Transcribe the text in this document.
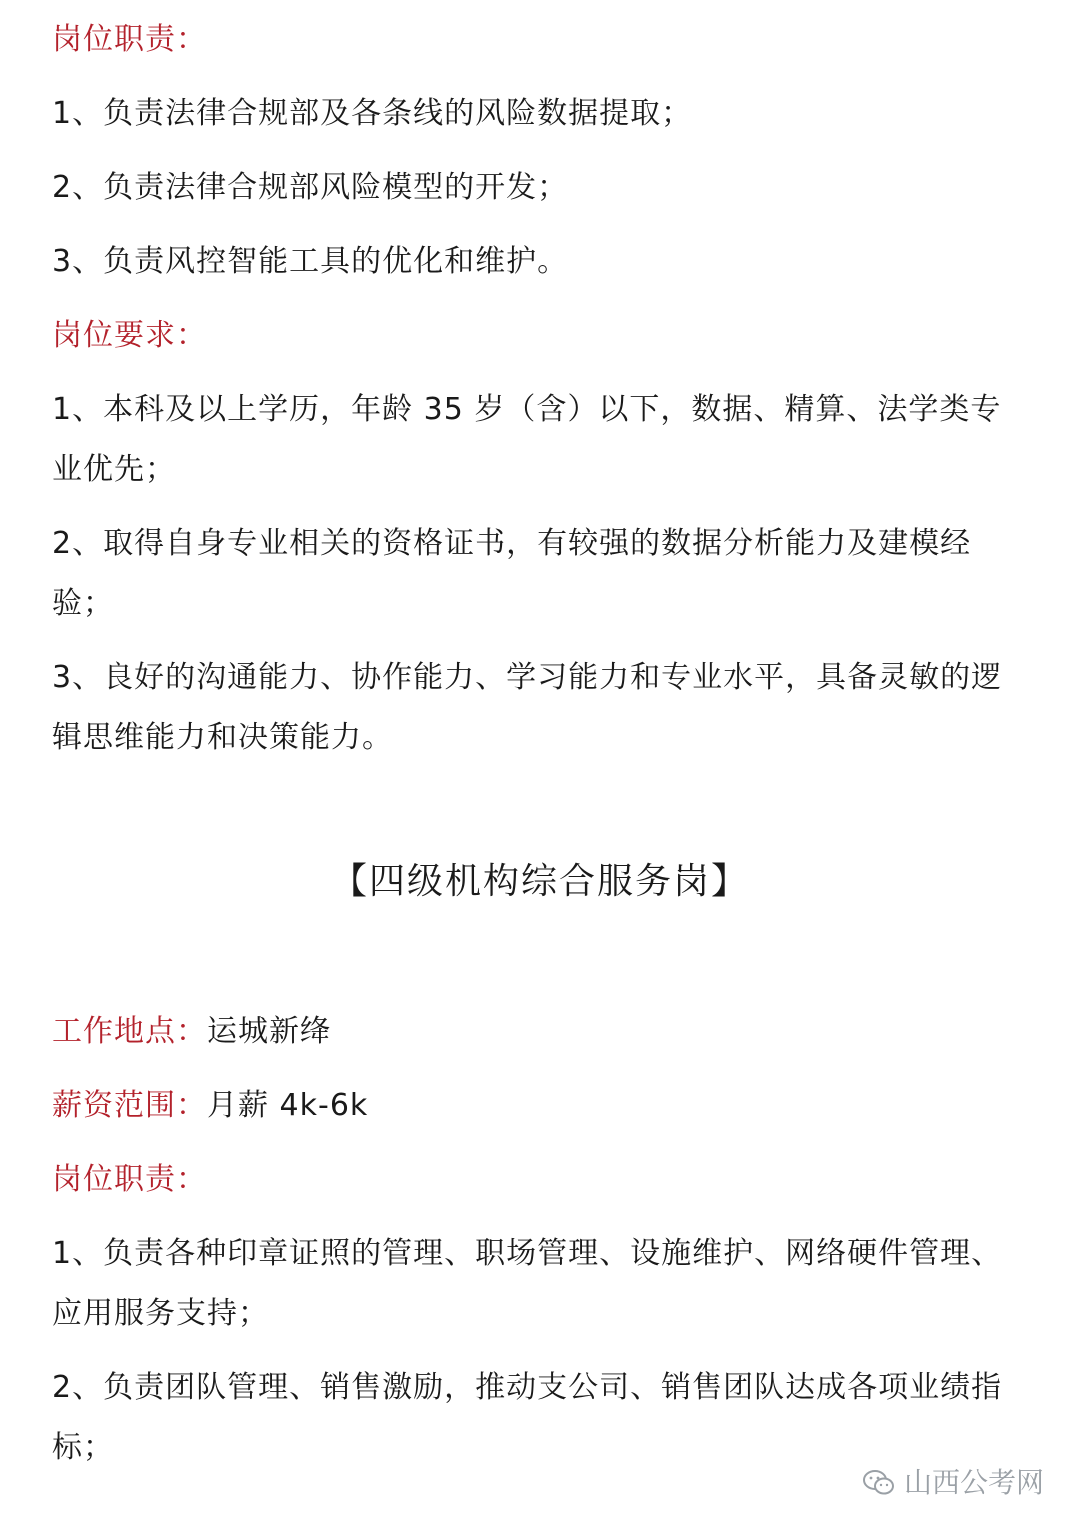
岗位职责：
1、负责法律合规部及各条线的风险数据提取；
2、负责法律合规部风险模型的开发；
3、负责风控智能工具的优化和维护。
岗位要求：
1、本科及以上学历，年龄 35 岁（含）以下，数据、精算、法学类专业优先；
2、取得自身专业相关的资格证书，有较强的数据分析能力及建模经验；
3、良好的沟通能力、协作能力、学习能力和专业水平，具备灵敏的逻辑思维能力和决策能力。
【四级机构综合服务岗】
工作地点：运城新绛
薪资范围：月薪 4k-6k
岗位职责：
1、负责各种印章证照的管理、职场管理、设施维护、网络硬件管理、应用服务支持；
2、负责团队管理、销售激励，推动支公司、销售团队达成各项业绩指标；
山西公考网
